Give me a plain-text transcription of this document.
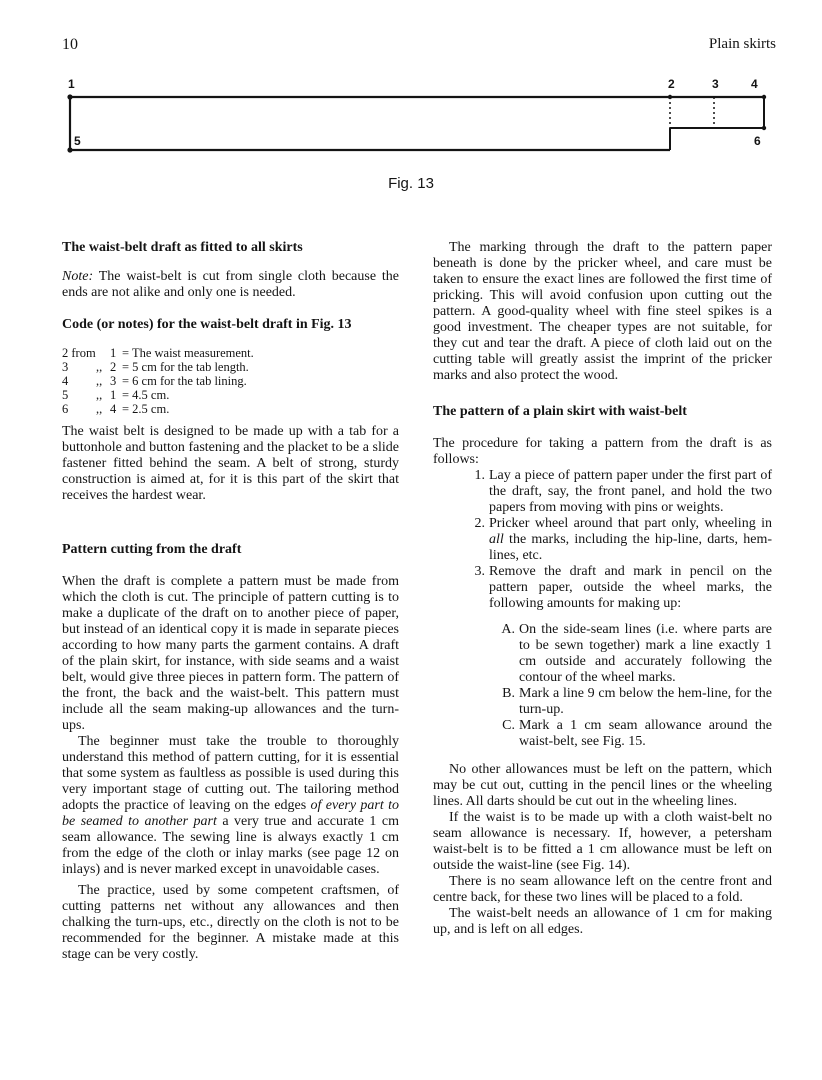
10	Plain skirts
1	2	3	4
5	6
Fig. 13
The waist-belt draft as fitted to all skirts

Note: The waist-belt is cut from single cloth because the ends are not alike and only one is needed.

Code (or notes) for the waist-belt draft in Fig. 13
2 from		1	= The waist measurement.
3	,,	2	= 5 cm for the tab length.
4	,,	3	= 6 cm for the tab lining.
5	,,	1	= 4.5 cm.
6	,,	4	= 2.5 cm.

The waist belt is designed to be made up with a tab for a buttonhole and button fastening and the placket to be a slide fastener fitted behind the seam. A belt of strong, sturdy construction is aimed at, for it is this part of the skirt that receives the hardest wear.

Pattern cutting from the draft

When the draft is complete a pattern must be made from which the cloth is cut. The principle of pattern cutting is to make a duplicate of the draft on to another piece of paper, but instead of an identical copy it is made in separate pieces according to how many parts the garment contains. A draft of the plain skirt, for instance, with side seams and a waist belt, would give three pieces in pattern form. The pattern of the front, the back and the waist-belt. This pattern must include all the seam making-up allowances and the turn-ups.

The beginner must take the trouble to thoroughly understand this method of pattern cutting, for it is essential that some system as faultless as possible is used during this very important stage of cutting out. The tailoring method adopts the practice of leaving on the edges of every part to be seamed to another part a very true and accurate 1 cm seam allowance. The sewing line is always exactly 1 cm from the edge of the cloth or inlay marks (see page 12 on inlays) and is never marked except in unavoidable cases.

The practice, used by some competent craftsmen, of cutting patterns net without any allowances and then chalking the turn-ups, etc., directly on the cloth is not to be recommended for the beginner. A mistake made at this stage can be very costly.

The marking through the draft to the pattern paper beneath is done by the pricker wheel, and care must be taken to ensure the exact lines are followed the first time of pricking. This will avoid confusion upon cutting out the pattern. A good-quality wheel with fine steel spikes is a good investment. The cheaper types are not suitable, for they cut and tear the draft. A piece of cloth laid out on the cutting table will greatly assist the imprint of the pricker marks and also protect the wood.

The pattern of a plain skirt with waist-belt

The procedure for taking a pattern from the draft is as follows:

1. Lay a piece of pattern paper under the first part of the draft, say, the front panel, and hold the two papers from moving with pins or weights.
2. Pricker wheel around that part only, wheeling in all the marks, including the hip-line, darts, hem-lines, etc.
3. Remove the draft and mark in pencil on the pattern paper, outside the wheel marks, the following amounts for making up:
A. On the side-seam lines (i.e. where parts are to be sewn together) mark a line exactly 1 cm outside and accurately following the contour of the wheel marks.
B. Mark a line 9 cm below the hem-line, for the turn-up.
C. Mark a 1 cm seam allowance around the waist-belt, see Fig. 15.

No other allowances must be left on the pattern, which may be cut out, cutting in the pencil lines or the wheeling lines. All darts should be cut out in the wheeling lines.

If the waist is to be made up with a cloth waist-belt no seam allowance is necessary. If, however, a petersham waist-belt is to be fitted a 1 cm allowance must be left on outside the waist-line (see Fig. 14).

There is no seam allowance left on the centre front and centre back, for these two lines will be placed to a fold.

The waist-belt needs an allowance of 1 cm for making up, and is left on all edges.
